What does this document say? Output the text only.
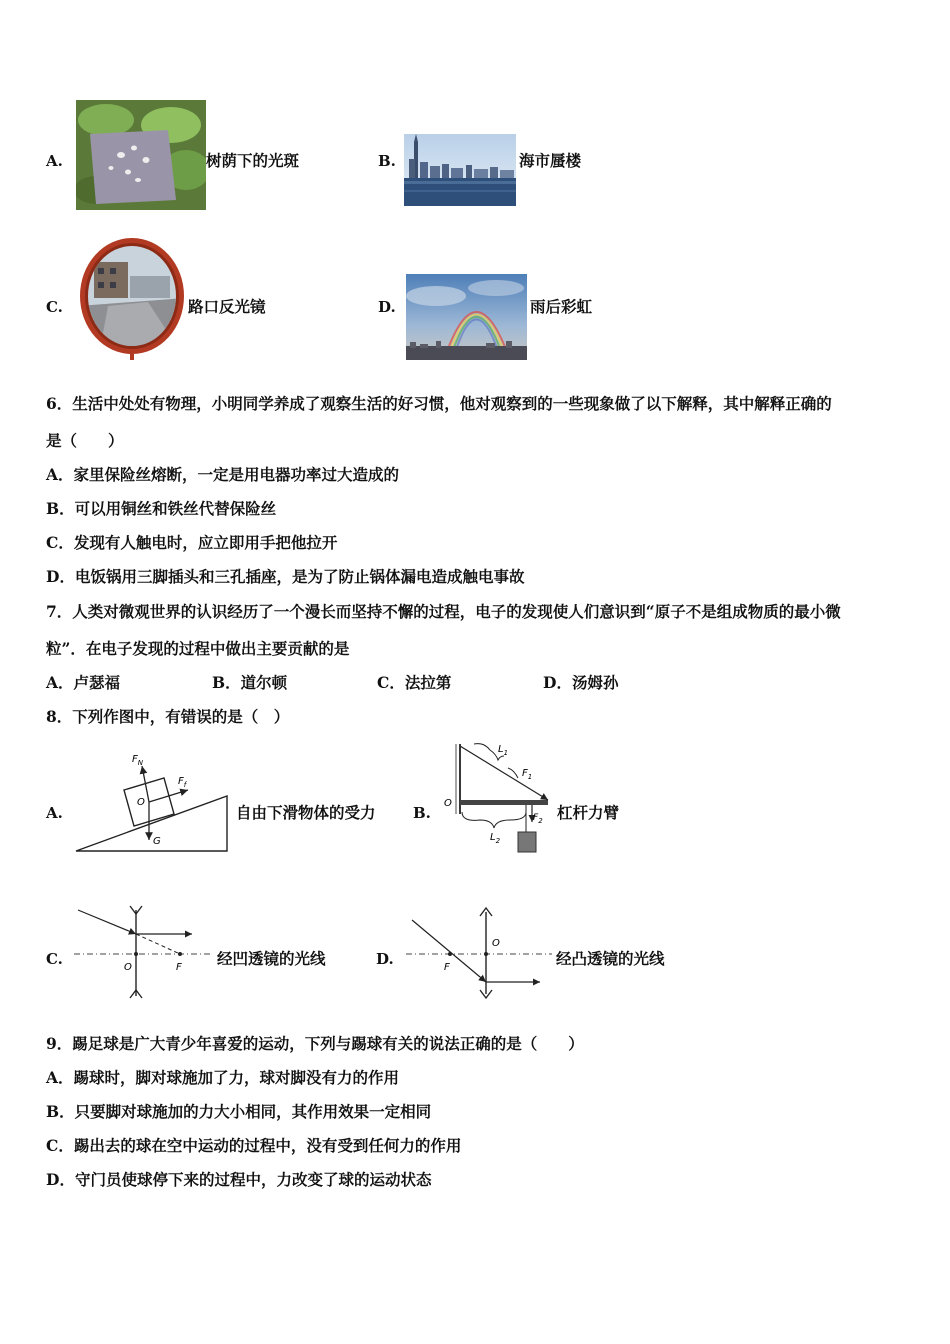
A.	树荫下的光斑	B.	海市蜃楼
C.	路口反光镜	D.	雨后彩虹
6．生活中处处有物理，小明同学养成了观察生活的好习惯，他对观察到的一些现象做了以下解释，其中解释正确的
是（　　）
A．家里保险丝熔断，一定是用电器功率过大造成的
B．可以用铜丝和铁丝代替保险丝
C．发现有人触电时，应立即用手把他拉开
D．电饭锅用三脚插头和三孔插座，是为了防止锅体漏电造成触电事故
7．人类对微观世界的认识经历了一个漫长而坚持不懈的过程，电子的发现使人们意识到“原子不是组成物质的最小微
粒”．在电子发现的过程中做出主要贡献的是
A．卢瑟福	B．道尔顿	C．法拉第	D．汤姆孙
8．下列作图中，有错误的是（　）
A.
$F_N$
O
$F_f$
G
自由下滑物体的受力 B.
O
$L_1$
$F_1$
$F_2$
$L_2$
杠杆力臂
C.	O	F 经凹透镜的光线	D.
O
F	经凸透镜的光线
9．踢足球是广大青少年喜爱的运动，下列与踢球有关的说法正确的是（　　）
A．踢球时，脚对球施加了力，球对脚没有力的作用
B．只要脚对球施加的力大小相同，其作用效果一定相同
C．踢出去的球在空中运动的过程中，没有受到任何力的作用
D．守门员使球停下来的过程中，力改变了球的运动状态
